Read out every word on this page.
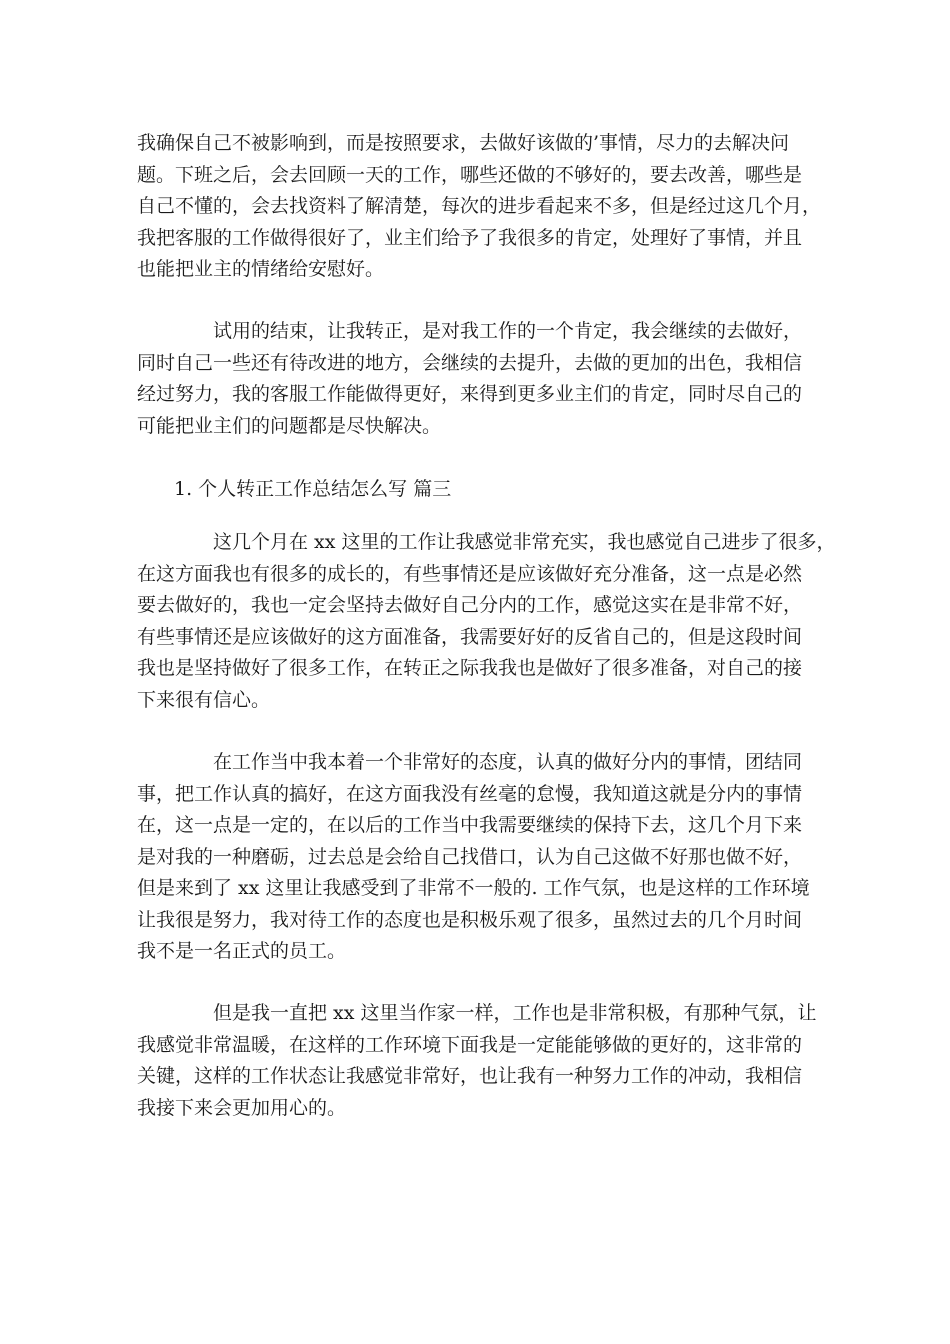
我确保自己不被影响到，而是按照要求，去做好该做的’事情，尽力的去解决问
题。下班之后，会去回顾一天的工作，哪些还做的不够好的，要去改善，哪些是
自己不懂的，会去找资料了解清楚，每次的进步看起来不多，但是经过这几个月，
我把客服的工作做得很好了，业主们给予了我很多的肯定，处理好了事情，并且
也能把业主的情绪给安慰好。
试用的结束，让我转正，是对我工作的一个肯定，我会继续的去做好，
同时自己一些还有待改进的地方，会继续的去提升，去做的更加的出色，我相信
经过努力，我的客服工作能做得更好，来得到更多业主们的肯定，同时尽自己的
可能把业主们的问题都是尽快解决。
1. 个人转正工作总结怎么写 篇三
这几个月在 xx 这里的工作让我感觉非常充实，我也感觉自己进步了很多，
在这方面我也有很多的成长的，有些事情还是应该做好充分准备，这一点是必然
要去做好的，我也一定会坚持去做好自己分内的工作，感觉这实在是非常不好，
有些事情还是应该做好的这方面准备，我需要好好的反省自己的，但是这段时间
我也是坚持做好了很多工作，在转正之际我我也是做好了很多准备，对自己的接
下来很有信心。
在工作当中我本着一个非常好的态度，认真的做好分内的事情，团结同
事，把工作认真的搞好，在这方面我没有丝毫的怠慢，我知道这就是分内的事情
在，这一点是一定的，在以后的工作当中我需要继续的保持下去，这几个月下来
是对我的一种磨砺，过去总是会给自己找借口，认为自己这做不好那也做不好，
但是来到了 xx 这里让我感受到了非常不一般的. 工作气氛，也是这样的工作环境
让我很是努力，我对待工作的态度也是积极乐观了很多，虽然过去的几个月时间
我不是一名正式的员工。
但是我一直把 xx 这里当作家一样，工作也是非常积极，有那种气氛，让
我感觉非常温暖，在这样的工作环境下面我是一定能能够做的更好的，这非常的
关键，这样的工作状态让我感觉非常好，也让我有一种努力工作的冲动，我相信
我接下来会更加用心的。
